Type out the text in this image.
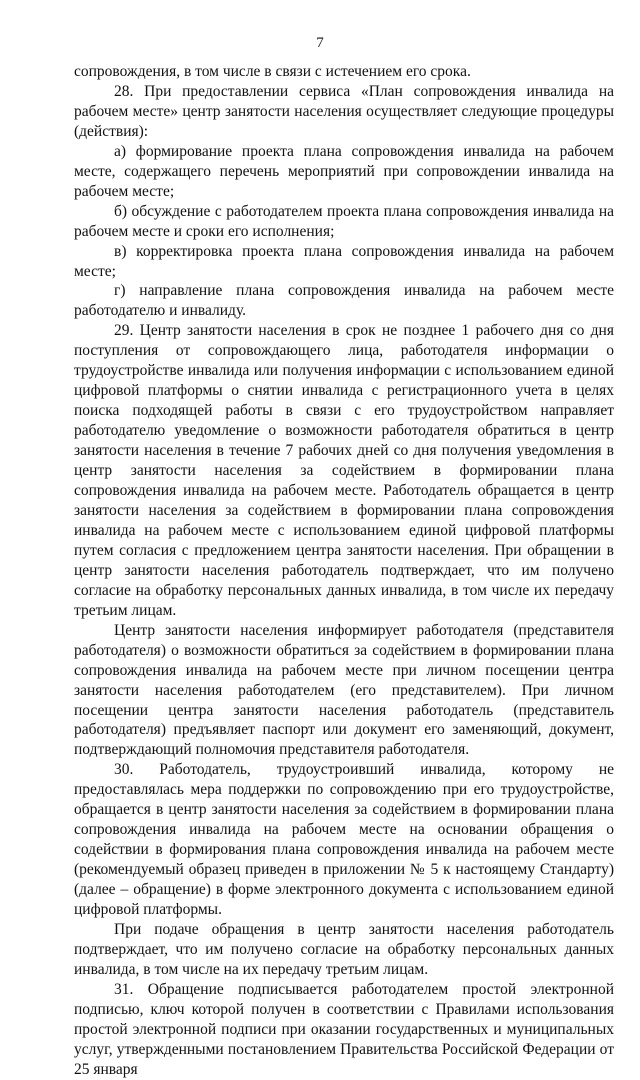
7

сопровождения, в том числе в связи с истечением его срока.

28. При предоставлении сервиса «План сопровождения инвалида на рабочем месте» центр занятости населения осуществляет следующие процедуры (действия):

а) формирование проекта плана сопровождения инвалида на рабочем месте, содержащего перечень мероприятий при сопровождении инвалида на рабочем месте;

б) обсуждение с работодателем проекта плана сопровождения инвалида на рабочем месте и сроки его исполнения;

в) корректировка проекта плана сопровождения инвалида на рабочем месте;

г) направление плана сопровождения инвалида на рабочем месте работодателю и инвалиду.

29. Центр занятости населения в срок не позднее 1 рабочего дня со дня поступления от сопровождающего лица, работодателя информации о трудоустройстве инвалида или получения информации с использованием единой цифровой платформы о снятии инвалида с регистрационного учета в целях поиска подходящей работы в связи с его трудоустройством направляет работодателю уведомление о возможности работодателя обратиться в центр занятости населения в течение 7 рабочих дней со дня получения уведомления в центр занятости населения за содействием в формировании плана сопровождения инвалида на рабочем месте. Работодатель обращается в центр занятости населения за содействием в формировании плана сопровождения инвалида на рабочем месте с использованием единой цифровой платформы путем согласия с предложением центра занятости населения. При обращении в центр занятости населения работодатель подтверждает, что им получено согласие на обработку персональных данных инвалида, в том числе их передачу третьим лицам.

Центр занятости населения информирует работодателя (представителя работодателя) о возможности обратиться за содействием в формировании плана сопровождения инвалида на рабочем месте при личном посещении центра занятости населения работодателем (его представителем). При личном посещении центра занятости населения работодатель (представитель работодателя) предъявляет паспорт или документ его заменяющий, документ, подтверждающий полномочия представителя работодателя.

30. Работодатель, трудоустроивший инвалида, которому не предоставлялась мера поддержки по сопровождению при его трудоустройстве, обращается в центр занятости населения за содействием в формировании плана сопровождения инвалида на рабочем месте на основании обращения о содействии в формирования плана сопровождения инвалида на рабочем месте (рекомендуемый образец приведен в приложении № 5 к настоящему Стандарту) (далее – обращение) в форме электронного документа с использованием единой цифровой платформы.

При подаче обращения в центр занятости населения работодатель подтверждает, что им получено согласие на обработку персональных данных инвалида, в том числе на их передачу третьим лицам.

31. Обращение подписывается работодателем простой электронной подписью, ключ которой получен в соответствии с Правилами использования простой электронной подписи при оказании государственных и муниципальных услуг, утвержденными постановлением Правительства Российской Федерации от 25 января
